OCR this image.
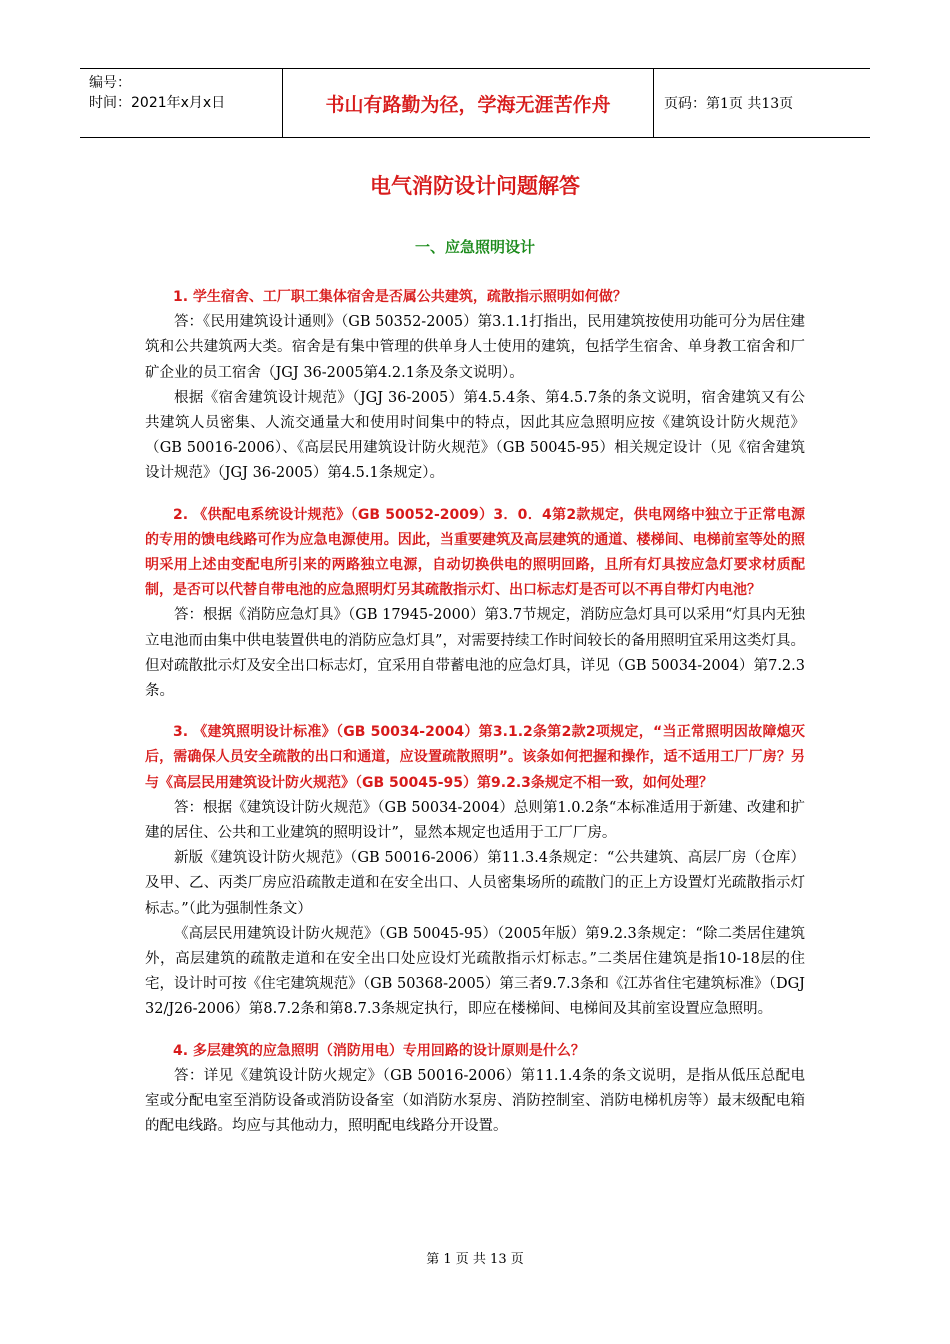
编号：
时间：2021年x月x日	书山有路勤为径，学海无涯苦作舟	页码：第1页 共13页
电气消防设计问题解答
一、应急照明设计

1. 学生宿舍、工厂职工集体宿舍是否属公共建筑，疏散指示照明如何做？

答：《民用建筑设计通则》（GB 50352-2005）第3.1.1打指出，民用建筑按使用功能可分为居住建筑和公共建筑两大类。宿舍是有集中管理的供单身人士使用的建筑，包括学生宿舍、单身教工宿舍和厂矿企业的员工宿舍（JGJ 36-2005第4.2.1条及条文说明）。

根据《宿舍建筑设计规范》（JGJ 36-2005）第4.5.4条、第4.5.7条的条文说明，宿舍建筑又有公共建筑人员密集、人流交通量大和使用时间集中的特点，因此其应急照明应按《建筑设计防火规范》（GB 50016-2006）、《高层民用建筑设计防火规范》（GB 50045-95）相关规定设计（见《宿舍建筑设计规范》（JGJ 36-2005）第4.5.1条规定）。

2. 《供配电系统设计规范》（GB 50052-2009）3．0．4第2款规定，供电网络中独立于正常电源的专用的馈电线路可作为应急电源使用。因此，当重要建筑及高层建筑的通道、楼梯间、电梯前室等处的照明采用上述由变配电所引来的两路独立电源，自动切换供电的照明回路，且所有灯具按应急灯要求材质配制，是否可以代替自带电池的应急照明灯另其疏散指示灯、出口标志灯是否可以不再自带灯内电池？

答：根据《消防应急灯具》（GB 17945-2000）第3.7节规定，消防应急灯具可以采用“灯具内无独立电池而由集中供电装置供电的消防应急灯具”，对需要持续工作时间较长的备用照明宜采用这类灯具。但对疏散批示灯及安全出口标志灯，宜采用自带蓄电池的应急灯具，详见（GB 50034-2004）第7.2.3条。

3. 《建筑照明设计标准》（GB 50034-2004）第3.1.2条第2款2项规定，“当正常照明因故障熄灭后，需确保人员安全疏散的出口和通道，应设置疏散照明”。该条如何把握和操作，适不适用工厂厂房？另与《高层民用建筑设计防火规范》（GB 50045-95）第9.2.3条规定不相一致，如何处理？

答：根据《建筑设计防火规范》（GB 50034-2004）总则第1.0.2条“本标准适用于新建、改建和扩建的居住、公共和工业建筑的照明设计”，显然本规定也适用于工厂厂房。

新版《建筑设计防火规范》（GB 50016-2006）第11.3.4条规定：“公共建筑、高层厂房（仓库）及甲、乙、丙类厂房应沿疏散走道和在安全出口、人员密集场所的疏散门的正上方设置灯光疏散指示灯标志。”（此为强制性条文）

《高层民用建筑设计防火规范》（GB 50045-95）（2005年版）第9.2.3条规定：“除二类居住建筑外，高层建筑的疏散走道和在安全出口处应设灯光疏散指示灯标志。”二类居住建筑是指10-18层的住宅，设计时可按《住宅建筑规范》（GB 50368-2005）第三者9.7.3条和《江苏省住宅建筑标准》（DGJ 32/J26-2006）第8.7.2条和第8.7.3条规定执行，即应在楼梯间、电梯间及其前室设置应急照明。

4. 多层建筑的应急照明（消防用电）专用回路的设计原则是什么？

答：详见《建筑设计防火规定》（GB 50016-2006）第11.1.4条的条文说明，是指从低压总配电室或分配电室至消防设备或消防设备室（如消防水泵房、消防控制室、消防电梯机房等）最末级配电箱的配电线路。均应与其他动力，照明配电线路分开设置。

第 1 页 共 13 页
